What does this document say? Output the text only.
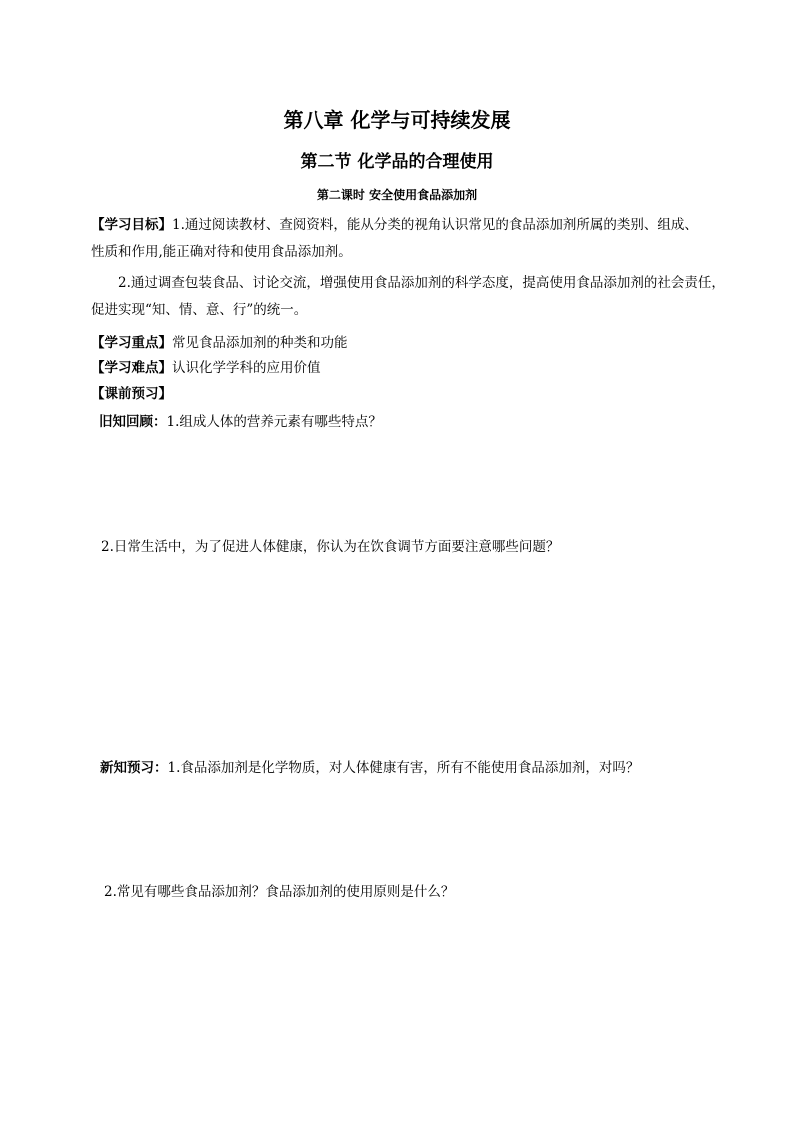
第八章 化学与可持续发展
第二节 化学品的合理使用
第二课时 安全使用食品添加剂
【学习目标】1.通过阅读教材、查阅资料，能从分类的视角认识常见的食品添加剂所属的类别、组成、
性质和作用,能正确对待和使用食品添加剂。
2.通过调查包装食品、讨论交流，增强使用食品添加剂的科学态度，提高使用食品添加剂的社会责任，
促进实现“知、情、意、行”的统一。
【学习重点】常见食品添加剂的种类和功能
【学习难点】认识化学学科的应用价值
【课前预习】
旧知回顾：1.组成人体的营养元素有哪些特点？
2.日常生活中，为了促进人体健康，你认为在饮食调节方面要注意哪些问题？
新知预习：1.食品添加剂是化学物质，对人体健康有害，所有不能使用食品添加剂，对吗？
2.常见有哪些食品添加剂？食品添加剂的使用原则是什么？
